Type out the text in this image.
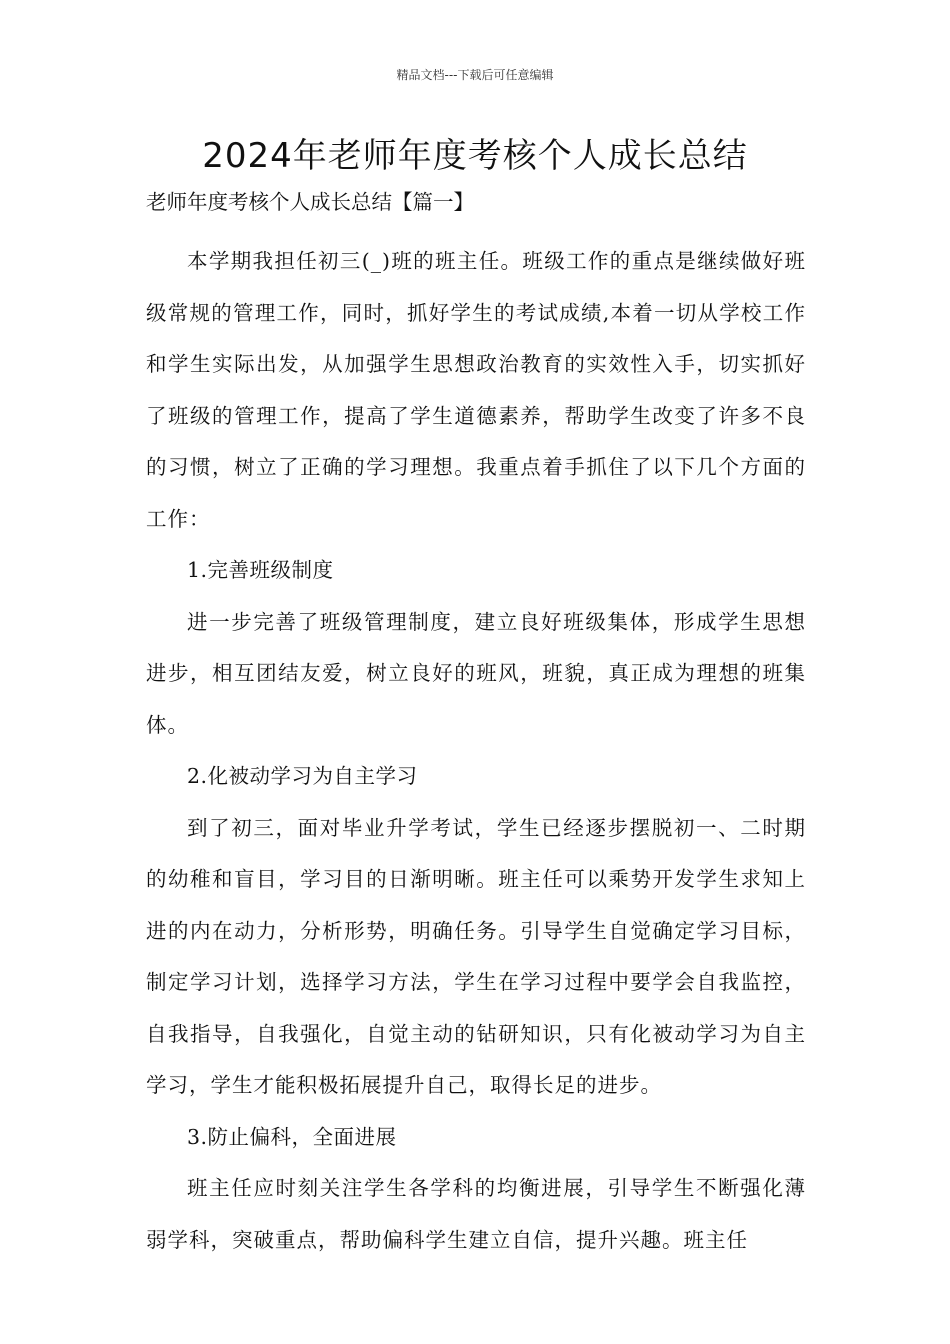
精品文档---下载后可任意编辑
2024年老师年度考核个人成长总结
老师年度考核个人成长总结【篇一】

本学期我担任初三(_)班的班主任。班级工作的重点是继续做好班级常规的管理工作，同时，抓好学生的考试成绩,本着一切从学校工作和学生实际出发，从加强学生思想政治教育的实效性入手，切实抓好了班级的管理工作，提高了学生道德素养，帮助学生改变了许多不良的习惯，树立了正确的学习理想。我重点着手抓住了以下几个方面的工作：

1.完善班级制度

进一步完善了班级管理制度，建立良好班级集体，形成学生思想进步，相互团结友爱，树立良好的班风，班貌，真正成为理想的班集体。

2.化被动学习为自主学习

到了初三，面对毕业升学考试，学生已经逐步摆脱初一、二时期的幼稚和盲目，学习目的日渐明晰。班主任可以乘势开发学生求知上进的内在动力，分析形势，明确任务。引导学生自觉确定学习目标，制定学习计划，选择学习方法，学生在学习过程中要学会自我监控，自我指导，自我强化，自觉主动的钻研知识，只有化被动学习为自主学习，学生才能积极拓展提升自己，取得长足的进步。

3.防止偏科，全面进展

班主任应时刻关注学生各学科的均衡进展，引导学生不断强化薄弱学科，突破重点，帮助偏科学生建立自信，提升兴趣。班主任
